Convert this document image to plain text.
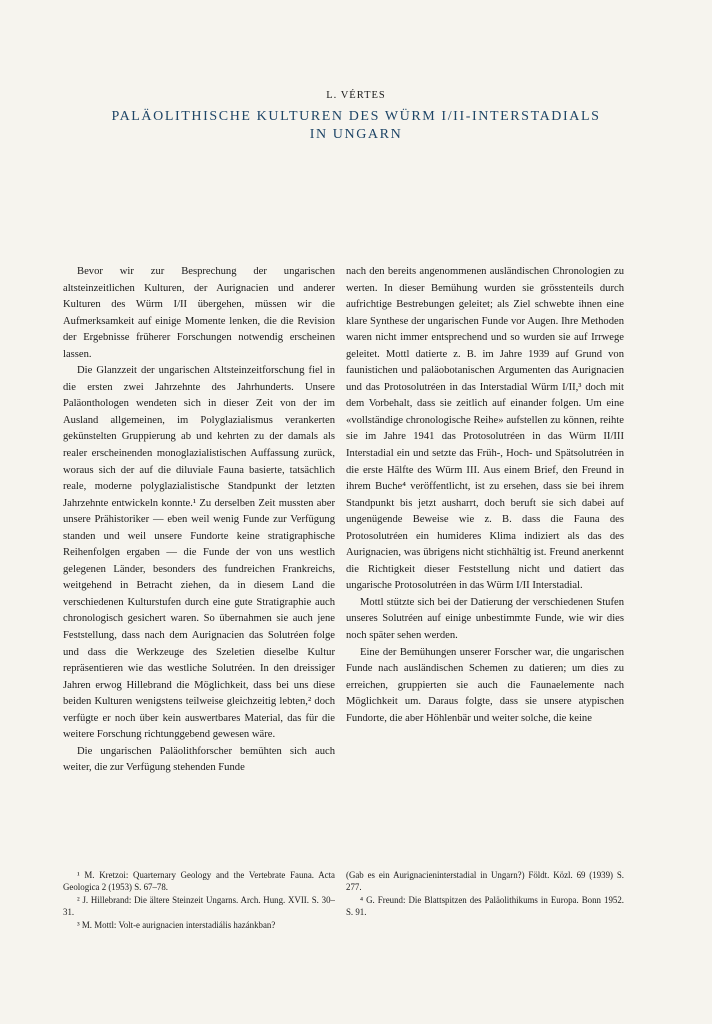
L. VÉRTES
PALÄOLITHISCHE KULTUREN DES WÜRM I/II-INTERSTADIALS
IN UNGARN

Bevor wir zur Besprechung der ungarischen altsteinzeitlichen Kulturen, der Aurignacien und anderer Kulturen des Würm I/II übergehen, müssen wir die Aufmerksamkeit auf einige Momente lenken, die die Revision der Ergebnisse früherer Forschungen notwendig erscheinen lassen.

Die Glanzzeit der ungarischen Altsteinzeitforschung fiel in die ersten zwei Jahrzehnte des Jahrhunderts. Unsere Paläonthologen wendeten sich in dieser Zeit von der im Ausland allgemeinen, im Polyglazialismus verankerten gekünstelten Gruppierung ab und kehrten zu der damals als realer erscheinenden monoglazialistischen Auffassung zurück, woraus sich der auf die diluviale Fauna basierte, tatsächlich reale, moderne polyglazialistische Standpunkt der letzten Jahrzehnte entwickeln konnte.¹ Zu derselben Zeit mussten aber unsere Prähistoriker — eben weil wenig Funde zur Verfügung standen und weil unsere Fundorte keine stratigraphische Reihenfolgen ergaben — die Funde der von uns westlich gelegenen Länder, besonders des fundreichen Frankreichs, weitgehend in Betracht ziehen, da in diesem Land die verschiedenen Kulturstufen durch eine gute Stratigraphie auch chronologisch gesichert waren. So übernahmen sie auch jene Feststellung, dass nach dem Aurignacien das Solutréen folge und dass die Werkzeuge des Szeletien dieselbe Kultur repräsentieren wie das westliche Solutréen. In den dreissiger Jahren erwog Hillebrand die Möglichkeit, dass bei uns diese beiden Kulturen wenigstens teilweise gleichzeitig lebten,² doch verfügte er noch über kein auswertbares Material, das für die weitere Forschung richtunggebend gewesen wäre.

Die ungarischen Paläolithforscher bemühten sich auch weiter, die zur Verfügung stehenden Funde

nach den bereits angenommenen ausländischen Chronologien zu werten. In dieser Bemühung wurden sie grösstenteils durch aufrichtige Bestrebungen geleitet; als Ziel schwebte ihnen eine klare Synthese der ungarischen Funde vor Augen. Ihre Methoden waren nicht immer entsprechend und so wurden sie auf Irrwege geleitet. Mottl datierte z. B. im Jahre 1939 auf Grund von faunistichen und paläobotanischen Argumenten das Aurignacien und das Protosolutréen in das Interstadial Würm I/II,³ doch mit dem Vorbehalt, dass sie zeitlich auf einander folgen. Um eine «vollständige chronologische Reihe» aufstellen zu können, reihte sie im Jahre 1941 das Protosolutréen in das Würm II/III Interstadial ein und setzte das Früh-, Hoch- und Spätsolutréen in die erste Hälfte des Würm III. Aus einem Brief, den Freund in ihrem Buche⁴ veröffentlicht, ist zu ersehen, dass sie bei ihrem Standpunkt bis jetzt ausharrt, doch beruft sie sich dabei auf ungenügende Beweise wie z. B. dass die Fauna des Protosolutréen ein humideres Klima indiziert als das des Aurignacien, was übrigens nicht stichhältig ist. Freund anerkennt die Richtigkeit dieser Feststellung nicht und datiert das ungarische Protosolutréen in das Würm I/II Interstadial.

Mottl stützte sich bei der Datierung der verschiedenen Stufen unseres Solutréen auf einige unbestimmte Funde, wie wir dies noch später sehen werden.

Eine der Bemühungen unserer Forscher war, die ungarischen Funde nach ausländischen Schemen zu datieren; um dies zu erreichen, gruppierten sie auch die Faunaelemente nach Möglichkeit um. Daraus folgte, dass sie unsere atypischen Fundorte, die aber Höhlenbär und weiter solche, die keine

¹ M. Kretzoi: Quarternary Geology and the Vertebrate Fauna. Acta Geologica 2 (1953) S. 67–78.

² J. Hillebrand: Die ältere Steinzeit Ungarns. Arch. Hung. XVII. S. 30–31.

³ M. Mottl: Volt-e aurignacien interstadiális hazánkban?

(Gab es ein Aurignacieninterstadial in Ungarn?) Földt. Közl. 69 (1939) S. 277.

⁴ G. Freund: Die Blattspitzen des Paläolithikums in Europa. Bonn 1952. S. 91.
